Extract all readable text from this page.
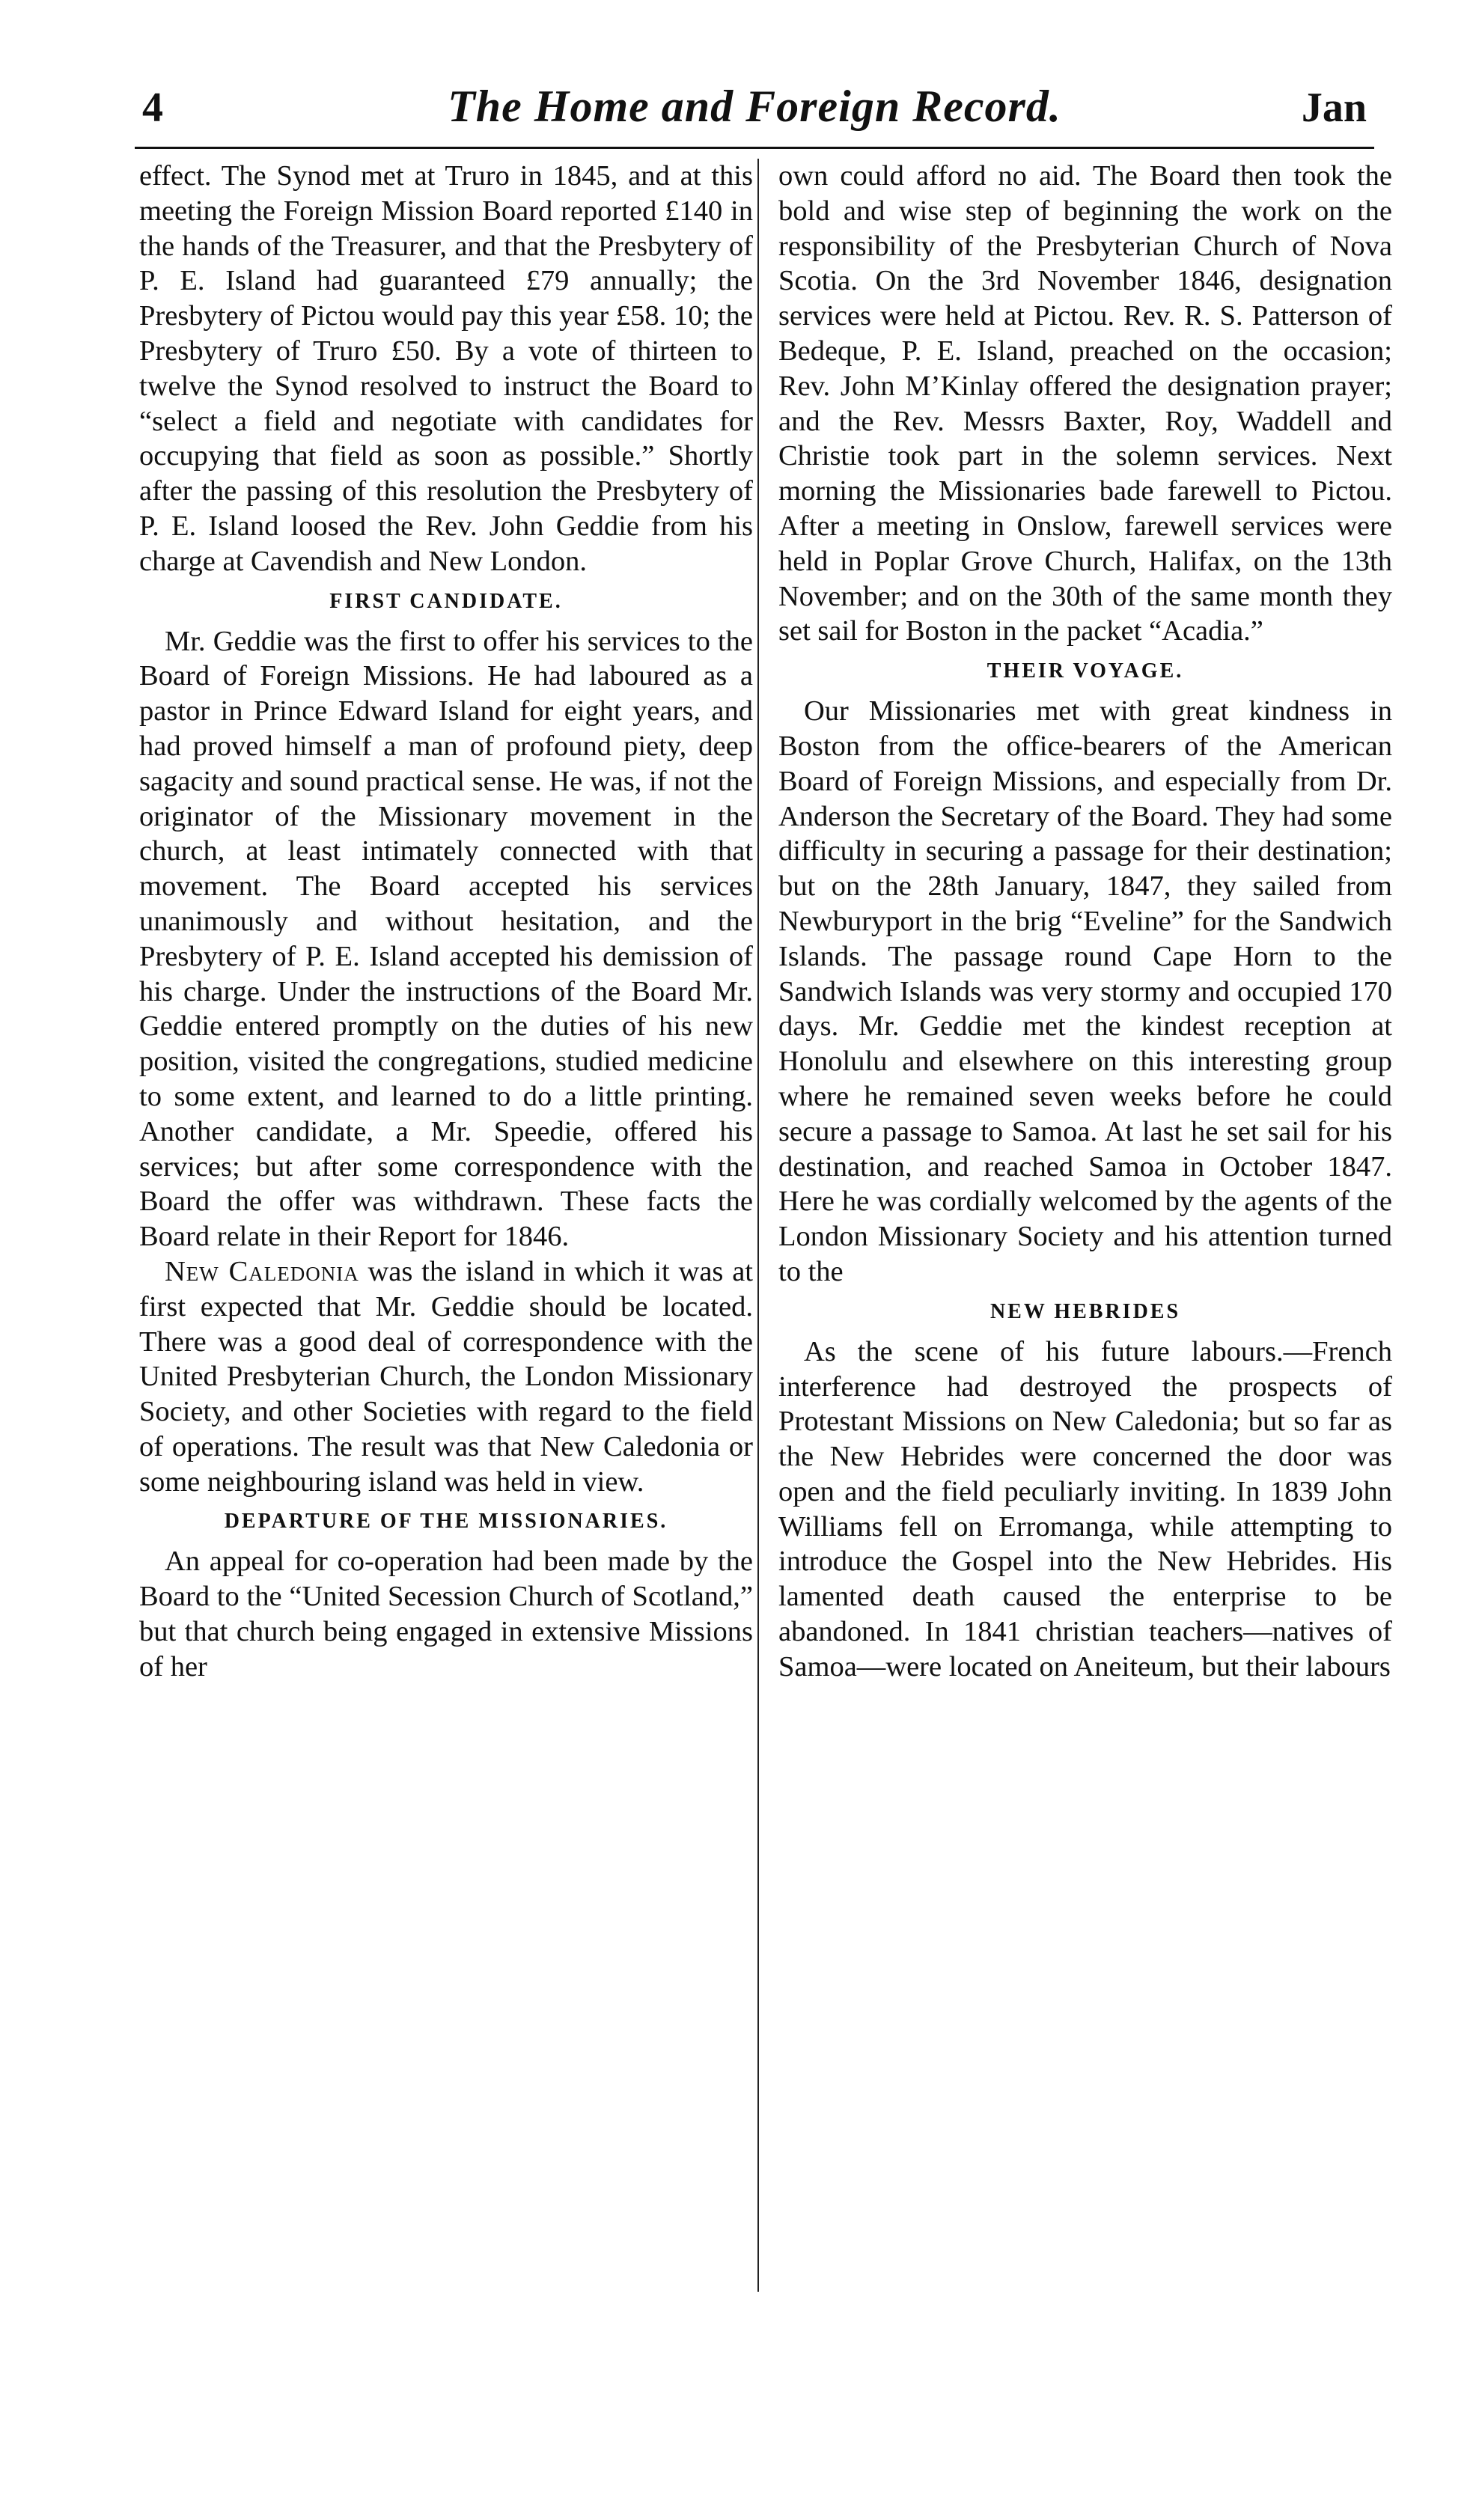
4	The Home and Foreign Record.	Jan

effect. The Synod met at Truro in 1845, and at this meeting the Foreign Mission Board reported £140 in the hands of the Treasurer, and that the Presbytery of P. E. Island had guaranteed £79 annually; the Presbytery of Pictou would pay this year £58. 10; the Presbytery of Truro £50. By a vote of thirteen to twelve the Synod resolved to instruct the Board to “select a field and negotiate with candidates for occupying that field as soon as possible.” Shortly after the passing of this resolution the Presbytery of P. E. Island loosed the Rev. John Geddie from his charge at Cavendish and New London.

FIRST CANDIDATE.

Mr. Geddie was the first to offer his services to the Board of Foreign Missions. He had laboured as a pastor in Prince Edward Island for eight years, and had proved himself a man of profound piety, deep sagacity and sound practical sense. He was, if not the originator of the Missionary movement in the church, at least intimately connected with that movement. The Board accepted his services unanimously and without hesitation, and the Presbytery of P. E. Island accepted his demission of his charge. Under the instructions of the Board Mr. Geddie entered promptly on the duties of his new position, visited the congregations, studied medicine to some extent, and learned to do a little printing. Another candidate, a Mr. Speedie, offered his services; but after some correspondence with the Board the offer was withdrawn. These facts the Board relate in their Report for 1846.

New Caledonia was the island in which it was at first expected that Mr. Geddie should be located. There was a good deal of correspondence with the United Presbyterian Church, the London Missionary Society, and other Societies with regard to the field of operations. The result was that New Caledonia or some neighbouring island was held in view.

DEPARTURE OF THE MISSIONARIES.

An appeal for co-operation had been made by the Board to the “United Secession Church of Scotland,” but that church being engaged in extensive Missions of her

own could afford no aid. The Board then took the bold and wise step of beginning the work on the responsibility of the Presbyterian Church of Nova Scotia. On the 3rd November 1846, designation services were held at Pictou. Rev. R. S. Patterson of Bedeque, P. E. Island, preached on the occasion; Rev. John M’Kinlay offered the designation prayer; and the Rev. Messrs Baxter, Roy, Waddell and Christie took part in the solemn services. Next morning the Missionaries bade farewell to Pictou. After a meeting in Onslow, farewell services were held in Poplar Grove Church, Halifax, on the 13th November; and on the 30th of the same month they set sail for Boston in the packet “Acadia.”

THEIR VOYAGE.

Our Missionaries met with great kindness in Boston from the office-bearers of the American Board of Foreign Missions, and especially from Dr. Anderson the Secretary of the Board. They had some difficulty in securing a passage for their destination; but on the 28th January, 1847, they sailed from Newburyport in the brig “Eveline” for the Sandwich Islands. The passage round Cape Horn to the Sandwich Islands was very stormy and occupied 170 days. Mr. Geddie met the kindest reception at Honolulu and elsewhere on this interesting group where he remained seven weeks before he could secure a passage to Samoa. At last he set sail for his destination, and reached Samoa in October 1847. Here he was cordially welcomed by the agents of the London Missionary Society and his attention turned to the

NEW HEBRIDES

As the scene of his future labours.—French interference had destroyed the prospects of Protestant Missions on New Caledonia; but so far as the New Hebrides were concerned the door was open and the field peculiarly inviting. In 1839 John Williams fell on Erromanga, while attempting to introduce the Gospel into the New Hebrides. His lamented death caused the enterprise to be abandoned. In 1841 christian teachers—natives of Samoa—were located on Aneiteum, but their labours
